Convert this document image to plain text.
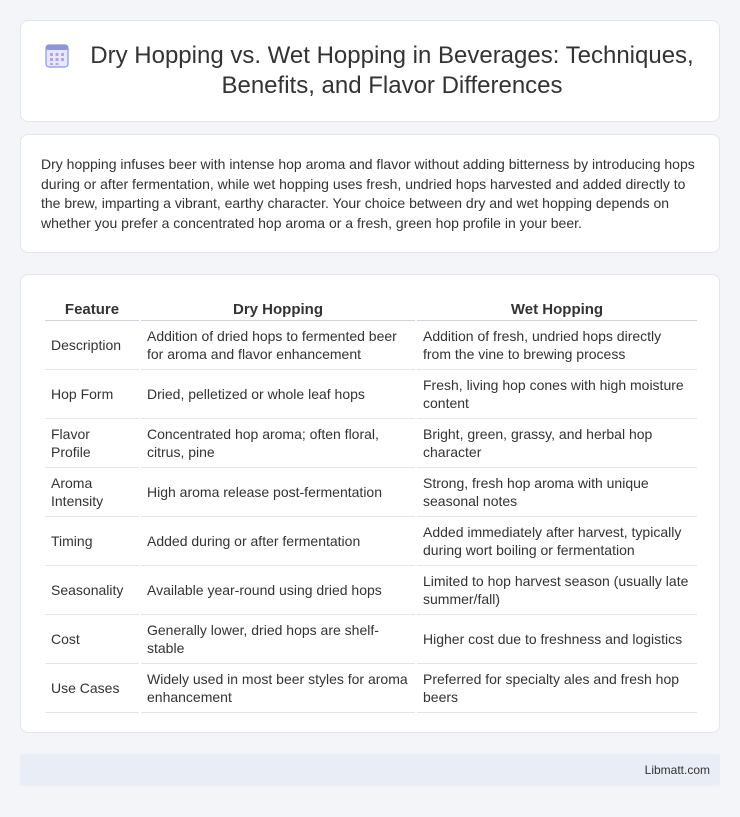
Dry Hopping vs. Wet Hopping in Beverages: Techniques, Benefits, and Flavor Differences

Dry hopping infuses beer with intense hop aroma and flavor without adding bitterness by introducing hops during or after fermentation, while wet hopping uses fresh, undried hops harvested and added directly to the brew, imparting a vibrant, earthy character. Your choice between dry and wet hopping depends on whether you prefer a concentrated hop aroma or a fresh, green hop profile in your beer.

Feature	Dry Hopping	Wet Hopping
Description	Addition of dried hops to fermented beer for aroma and flavor enhancement	Addition of fresh, undried hops directly from the vine to brewing process
Hop Form	Dried, pelletized or whole leaf hops	Fresh, living hop cones with high moisture content
Flavor Profile	Concentrated hop aroma; often floral, citrus, pine	Bright, green, grassy, and herbal hop character
Aroma Intensity	High aroma release post-fermentation	Strong, fresh hop aroma with unique seasonal notes
Timing	Added during or after fermentation	Added immediately after harvest, typically during wort boiling or fermentation
Seasonality	Available year-round using dried hops	Limited to hop harvest season (usually late summer/fall)
Cost	Generally lower, dried hops are shelf-stable	Higher cost due to freshness and logistics
Use Cases	Widely used in most beer styles for aroma enhancement	Preferred for specialty ales and fresh hop beers
Libmatt.com
